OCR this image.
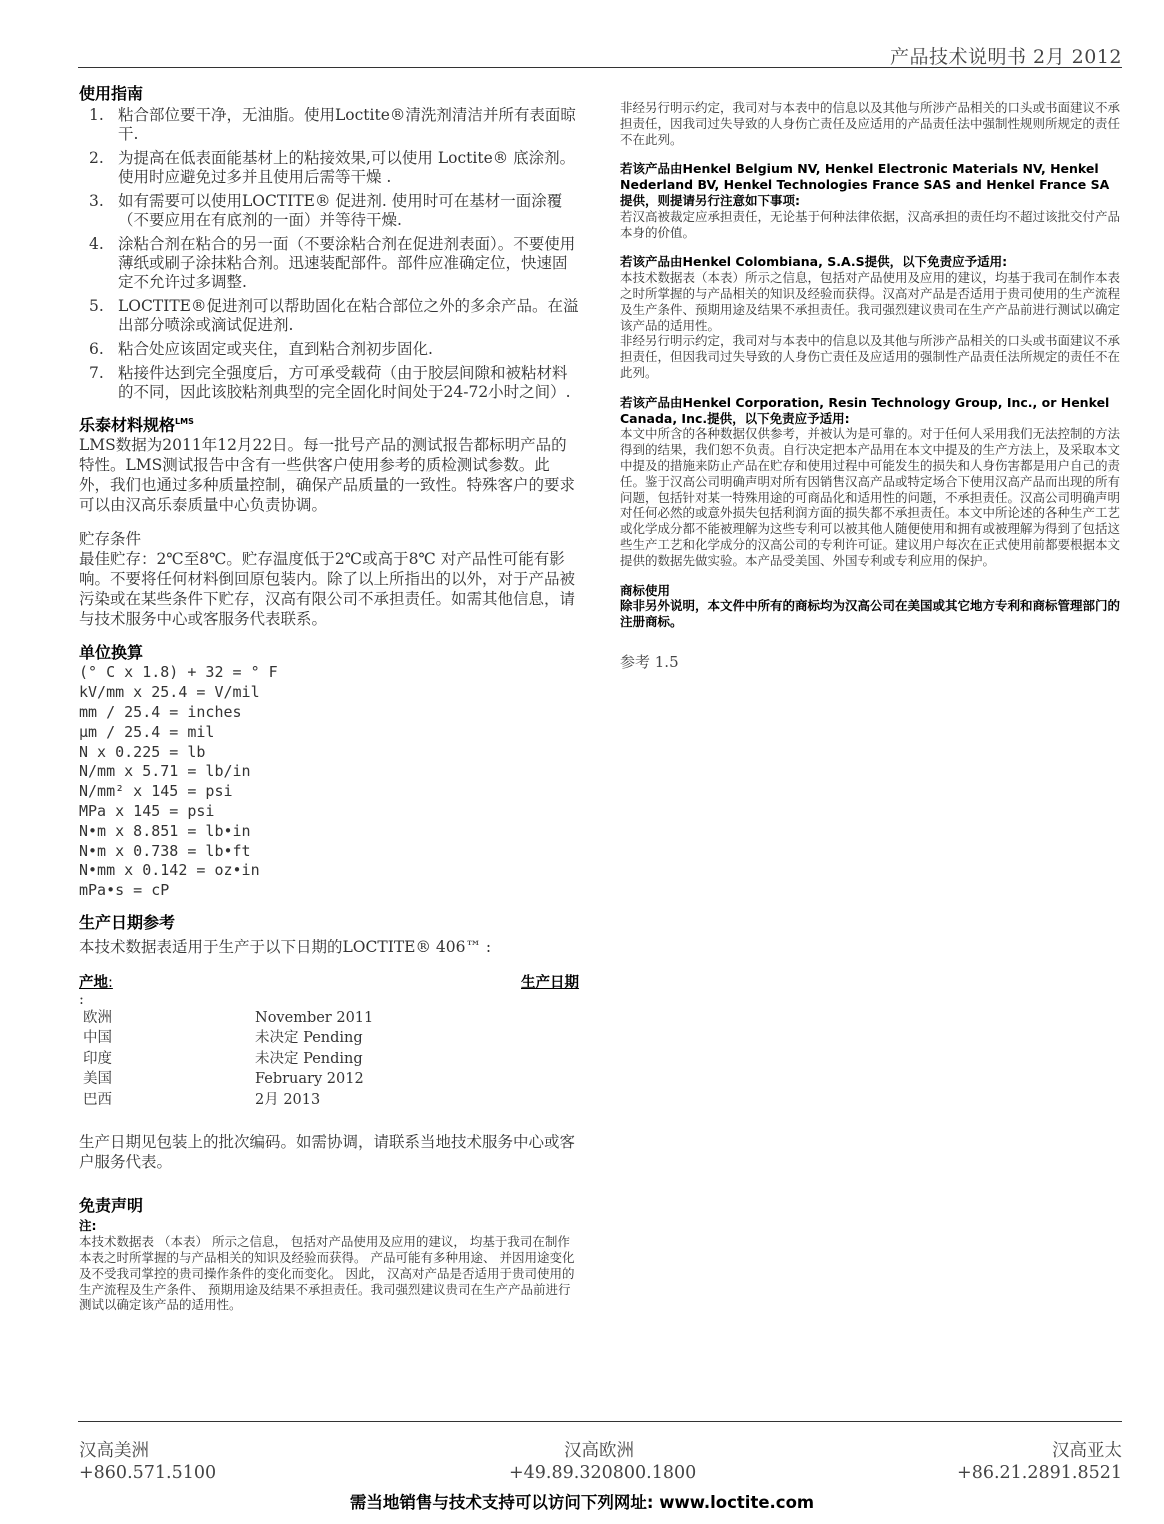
产品技术说明书 2月 2012
使用指南
1. 粘合部位要干净，无油脂。使用Loctite®清洗剂清洁并所有表面晾干.
2. 为提高在低表面能基材上的粘接效果,可以使用 Loctite® 底涂剂。使用时应避免过多并且使用后需等干燥 .
3. 如有需要可以使用LOCTITE® 促进剂. 使用时可在基材一面涂覆（不要应用在有底剂的一面）并等待干燥.
4. 涂粘合剂在粘合的另一面（不要涂粘合剂在促进剂表面）。不要使用薄纸或刷子涂抹粘合剂。迅速装配部件。部件应准确定位，快速固定不允许过多调整.
5. LOCTITE®促进剂可以帮助固化在粘合部位之外的多余产品。在溢出部分喷涂或滴试促进剂.
6. 粘合处应该固定或夹住，直到粘合剂初步固化.
7. 粘接件达到完全强度后，方可承受载荷（由于胶层间隙和被粘材料的不同，因此该胶粘剂典型的完全固化时间处于24-72小时之间）.
乐泰材料规格$^{LMS}$

LMS数据为2011年12月22日。每一批号产品的测试报告都标明产品的特性。LMS测试报告中含有一些供客户使用参考的质检测试参数。此外，我们也通过多种质量控制，确保产品质量的一致性。特殊客户的要求可以由汉高乐泰质量中心负责协调。

贮存条件

最佳贮存：2℃至8℃。贮存温度低于2℃或高于8℃ 对产品性可能有影响。不要将任何材料倒回原包装内。除了以上所指出的以外，对于产品被污染或在某些条件下贮存，汉高有限公司不承担责任。如需其他信息，请与技术服务中心或客服务代表联系。

单位换算
(° C x 1.8) + 32 = ° F
kV/mm x 25.4 = V/mil
mm / 25.4 = inches
µm / 25.4 = mil
N x 0.225 = lb
N/mm x 5.71 = lb/in
N/mm² x 145 = psi
MPa x 145 = psi
N•m x 8.851 = lb•in
N•m x 0.738 = lb•ft
N•mm x 0.142 = oz•in
mPa•s = cP
生产日期参考

本技术数据表适用于生产于以下日期的LOCTITE® 406™ :

产地:	生产日期
:	
欧洲	November 2011
中国	未决定 Pending
印度	未决定 Pending
美国	February 2012
巴西	2月 2013

生产日期见包装上的批次编码。如需协调，请联系当地技术服务中心或客户服务代表。

免责声明
注:

本技术数据表 （本表） 所示之信息， 包括对产品使用及应用的建议， 均基于我司在制作本表之时所掌握的与产品相关的知识及经验而获得。 产品可能有多种用途、 并因用途变化及不受我司掌控的贵司操作条件的变化而变化。 因此， 汉高对产品是否适用于贵司使用的生产流程及生产条件、 预期用途及结果不承担责任。我司强烈建议贵司在生产产品前进行测试以确定该产品的适用性。

非经另行明示约定，我司对与本表中的信息以及其他与所涉产品相关的口头或书面建议不承担责任，因我司过失导致的人身伤亡责任及应适用的产品责任法中强制性规则所规定的责任不在此列。

若该产品由Henkel Belgium NV, Henkel Electronic Materials NV, Henkel Nederland BV, Henkel Technologies France SAS and Henkel France SA 提供，则提请另行注意如下事项:

若汉高被裁定应承担责任，无论基于何种法律依据，汉高承担的责任均不超过该批交付产品本身的价值。

若该产品由Henkel Colombiana, S.A.S提供，以下免责应予适用:

本技术数据表（本表）所示之信息，包括对产品使用及应用的建议，均基于我司在制作本表之时所掌握的与产品相关的知识及经验而获得。汉高对产品是否适用于贵司使用的生产流程及生产条件、预期用途及结果不承担责任。我司强烈建议贵司在生产产品前进行测试以确定该产品的适用性。

非经另行明示约定，我司对与本表中的信息以及其他与所涉产品相关的口头或书面建议不承担责任，但因我司过失导致的人身伤亡责任及应适用的强制性产品责任法所规定的责任不在此列。

若该产品由Henkel Corporation, Resin Technology Group, Inc., or Henkel Canada, Inc.提供，以下免责应予适用:

本文中所含的各种数据仅供参考，并被认为是可靠的。对于任何人采用我们无法控制的方法得到的结果，我们恕不负责。自行决定把本产品用在本文中提及的生产方法上，及采取本文中提及的措施来防止产品在贮存和使用过程中可能发生的损失和人身伤害都是用户自己的责任。鉴于汉高公司明确声明对所有因销售汉高产品或特定场合下使用汉高产品而出现的所有问题，包括针对某一特殊用途的可商品化和适用性的问题，不承担责任。汉高公司明确声明对任何必然的或意外损失包括利润方面的损失都不承担责任。本文中所论述的各种生产工艺或化学成分都不能被理解为这些专利可以被其他人随便使用和拥有或被理解为得到了包括这些生产工艺和化学成分的汉高公司的专利许可证。建议用户每次在正式使用前都要根据本文提供的数据先做实验。本产品受美国、外国专利或专利应用的保护。

商标使用

除非另外说明，本文件中所有的商标均为汉高公司在美国或其它地方专利和商标管理部门的注册商标。

参考 1.5

汉高美洲
+860.571.5100
汉高欧洲
+49.89.320800.1800
汉高亚太
+86.21.2891.8521
需当地销售与技术支持可以访问下列网址: www.loctite.com
